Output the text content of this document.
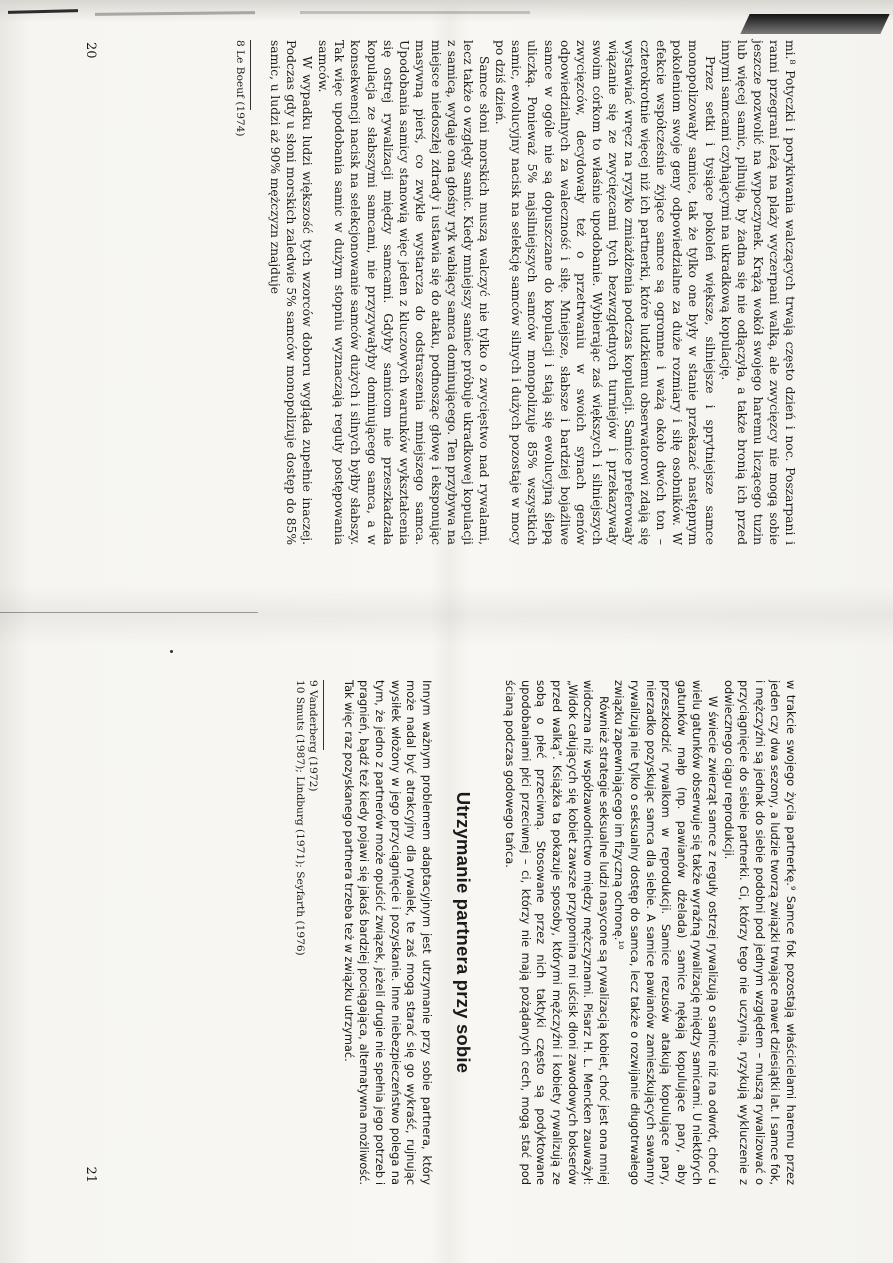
mi.⁸ Potyczki i porykiwania walczących trwają często dzień i noc. Poszarpani i ranni przegrani leżą na plaży wyczerpani walką, ale zwycięzcy nie mogą sobie jeszcze pozwolić na wypoczynek. Krążą wokół swojego haremu liczącego tuzin lub więcej samic, pilnują, by żadna się nie odłączyła, a także bronią ich przed innymi samcami czyhającymi na ukradkową kopulację.

Przez setki i tysiące pokoleń większe, silniejsze i sprytniejsze samce monopolizowały samice, tak że tylko one były w stanie przekazać następnym pokoleniom swoje geny odpowiedzialne za duże rozmiary i siłę osobników. W efekcie współcześnie żyjące samce są ogromne i ważą około dwóch ton – czterokrotnie więcej niż ich partnerki, które ludzkiemu obserwatorowi zdają się wystawiać wręcz na ryzyko zmiażdżenia podczas kopulacji. Samice preferowały wiązanie się ze zwycięzcami tych bezwzględnych turniejów i przekazywały swoim córkom to właśnie upodobanie. Wybierając zaś większych i silniejszych zwycięzców, decydowały też o przetrwaniu w swoich synach genów odpowiedzialnych za waleczność i siłę. Mniejsze, słabsze i bardziej bojaźliwe samce w ogóle nie są dopuszczane do kopulacji i stają się ewolucyjną ślepą uliczką. Ponieważ 5% najsilniejszych samców monopolizuje 85% wszystkich samic, ewolucyjny nacisk na selekcję samców silnych i dużych pozostaje w mocy po dziś dzień.

Samce słoni morskich muszą walczyć nie tylko o zwycięstwo nad rywalami, lecz także o względy samic. Kiedy mniejszy samiec próbuje ukradkowej kopulacji z samicą, wydaje ona głośny ryk wabiący samca dominującego. Ten przybywa na miejsce niedoszłej zdrady i ustawia się do ataku, podnosząc głowę i eksponując masywną pierś, co zwykle wystarcza do odstraszenia mniejszego samca. Upodobania samicy stanowią więc jeden z kluczowych warunków wykształcenia się ostrej rywalizacji między samcami. Gdyby samicom nie przeszkadzała kopulacja ze słabszymi samcami, nie przyzywałyby dominującego samca, a w konsekwencji nacisk na selekcjonowanie samców dużych i silnych byłby słabszy. Tak więc upodobania samic w dużym stopniu wyznaczają reguły postępowania samców.

W wypadku ludzi większość tych wzorców doboru wygląda zupełnie inaczej. Podczas gdy u słoni morskich zaledwie 5% samców monopolizuje dostęp do 85% samic, u ludzi aż 90% mężczyzn znajduje

8 Le Boeuf (1974)
20

w trakcie swojego życia partnerkę.⁹ Samce fok pozostają właścicielami haremu przez jeden czy dwa sezony, a ludzie tworzą związki trwające nawet dziesiątki lat. I samce fok, i mężczyźni są jednak do siebie podobni pod jednym względem – muszą rywalizować o przyciągnięcie do siebie partnerki. Ci, którzy tego nie uczynią, ryzykują wykluczenie z odwiecznego ciągu reprodukcji.

W świecie zwierząt samce z reguły ostrzej rywalizują o samice niż na odwrót, choć u wielu gatunków obserwuje się także wyraźną rywalizację między samicami. U niektórych gatunków małp (np. pawianów dżelada) samice nękają kopulujące pary, aby przeszkodzić rywalkom w reprodukcji. Samice rezusów atakują kopulujące pary, nierzadko pozyskując samca dla siebie. A samice pawianów zamieszkujących sawanny rywalizują nie tylko o seksualny dostęp do samca, lecz także o rozwijanie długotrwałego związku zapewniającego im fizyczną ochronę.¹⁰

Również strategie seksualne ludzi nasycone są rywalizacją kobiet, choć jest ona mniej widoczna niż współzawodnictwo między mężczyznami. Pisarz H. L. Mencken zauważył: „Widok całujących się kobiet zawsze przypomina mi uścisk dłoni zawodowych bokserów przed walką”. Książka ta pokazuje sposoby, którymi mężczyźni i kobiety rywalizują ze sobą o płeć przeciwną. Stosowane przez nich taktyki często są podyktowane upodobaniami płci przeciwnej – ci, którzy nie mają pożądanych cech, mogą stać pod ścianą podczas godowego tańca.

Utrzymanie partnera przy sobie

Innym ważnym problemem adaptacyjnym jest utrzymanie przy sobie partnera, który może nadal być atrakcyjny dla rywalek, te zaś mogą starać się go wykraść, rujnując wysiłek włożony w jego przyciągnięcie i pozyskanie. Inne niebezpieczeństwo polega na tym, że jedno z partnerów może opuścić związek, jeżeli drugie nie spełnia jego potrzeb i pragnień, bądź też kiedy pojawi się jakaś bardziej pociągająca, alternatywna możliwość. Tak więc raz pozyskanego partnera trzeba też w związku utrzymać.

9 Vanderberg (1972)
10 Smuts (1987); Lindburg (1971); Seyfarth (1976)
21
